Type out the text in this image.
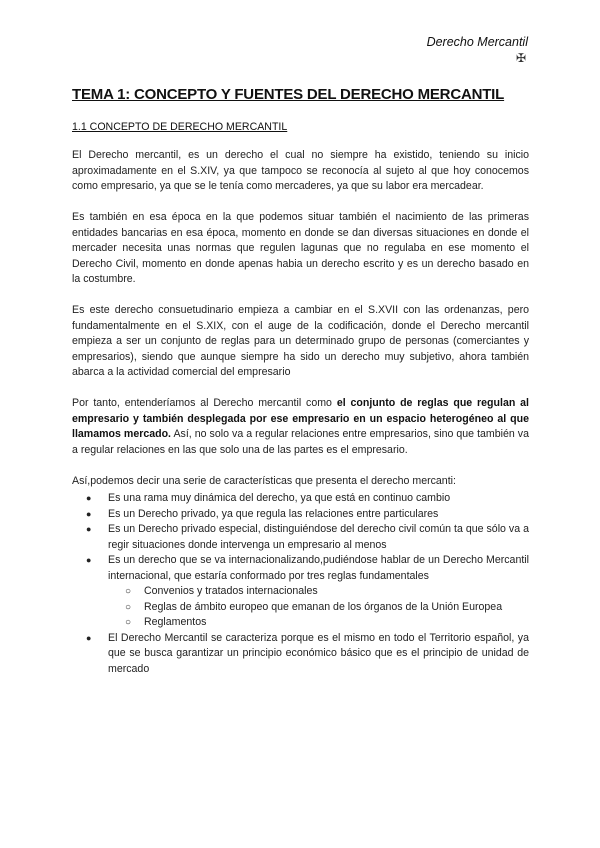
Derecho Mercantil
✠
TEMA 1: CONCEPTO Y FUENTES DEL DERECHO MERCANTIL
1.1 CONCEPTO DE DERECHO MERCANTIL

El Derecho mercantil, es un derecho el cual no siempre ha existido, teniendo su inicio aproximadamente en el S.XIV, ya que tampoco se reconocía al sujeto al que hoy conocemos como empresario, ya que se le tenía como mercaderes, ya que su labor era mercadear.

Es también en esa época en la que podemos situar también el nacimiento de las primeras entidades bancarias en esa época, momento en donde se dan diversas situaciones en donde el mercader necesita unas normas que regulen lagunas que no regulaba en ese momento el Derecho Civil, momento en donde apenas habia un derecho escrito y es un derecho basado en la costumbre.

Es este derecho consuetudinario empieza a cambiar en el S.XVII con las ordenanzas, pero fundamentalmente en el S.XIX, con el auge de la codificación, donde el Derecho mercantil empieza a ser un conjunto de reglas para un determinado grupo de personas (comerciantes y empresarios), siendo que aunque siempre ha sido un derecho muy subjetivo, ahora también abarca a la actividad comercial del empresario

Por tanto, entenderíamos al Derecho mercantil como el conjunto de reglas que regulan al empresario y también desplegada por ese empresario en un espacio heterogéneo al que llamamos mercado. Así, no solo va a regular relaciones entre empresarios, sino que también va a regular relaciones en las que solo una de las partes es el empresario.

Así,podemos decir una serie de características que presenta el derecho mercanti:

● Es una rama muy dinámica del derecho, ya que está en continuo cambio
● Es un Derecho privado, ya que regula las relaciones entre particulares
● Es un Derecho privado especial, distinguiéndose del derecho civil común ta que sólo va a regir situaciones donde intervenga un empresario al menos
● Es un derecho que se va internacionalizando,pudiéndose hablar de un Derecho Mercantil internacional, que estaría conformado por tres reglas fundamentales
○ Convenios y tratados internacionales
○ Reglas de ámbito europeo que emanan de los órganos de la Unión Europea
○ Reglamentos
● El Derecho Mercantil se caracteriza porque es el mismo en todo el Territorio español, ya que se busca garantizar un principio económico básico que es el principio de unidad de mercado
